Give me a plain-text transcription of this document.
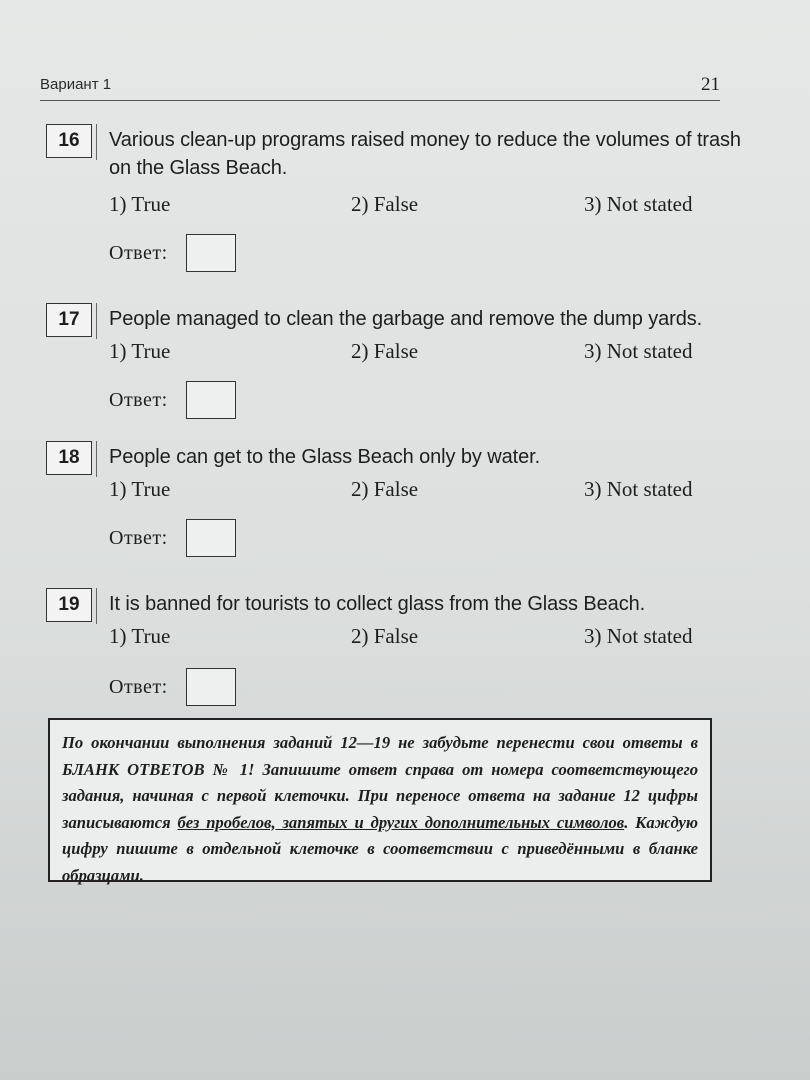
Вариант 1	21
16	Various clean-up programs raised money to reduce the volumes of trash on the Glass Beach.
1) True	2) False	3) Not stated
Ответ:
17	People managed to clean the garbage and remove the dump yards.
1) True	2) False	3) Not stated
Ответ:
18	People can get to the Glass Beach only by water.
1) True	2) False	3) Not stated
Ответ:
19	It is banned for tourists to collect glass from the Glass Beach.
1) True	2) False	3) Not stated
Ответ:
По окончании выполнения заданий 12—19 не забудьте перенести свои ответы в БЛАНК ОТВЕТОВ № 1! Запишите ответ справа от номера соответствующего задания, начиная с первой клеточки. При переносе ответа на задание 12 цифры записываются без пробелов, запятых и других дополнительных символов. Каждую цифру пишите в отдельной клеточке в соответствии с приведёнными в бланке образцами.
